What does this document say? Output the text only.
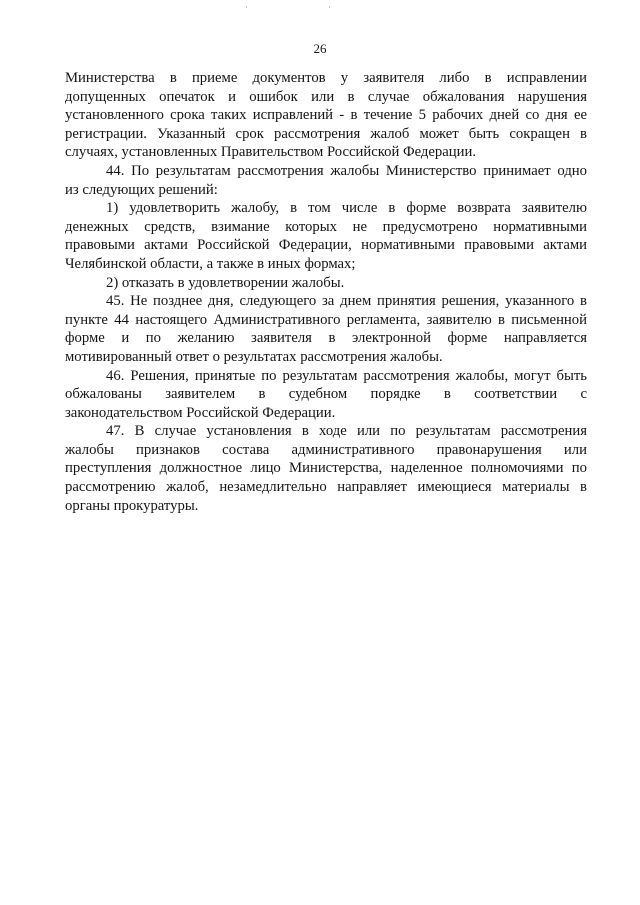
26
Министерства в приеме документов у заявителя либо в исправлении
допущенных опечаток и ошибок или в случае обжалования нарушения
установленного срока таких исправлений - в течение 5 рабочих дней со дня ее
регистрации. Указанный срок рассмотрения жалоб может быть сокращен в
случаях, установленных Правительством Российской Федерации.
44. По результатам рассмотрения жалобы Министерство принимает одно
из следующих решений:
1) удовлетворить жалобу, в том числе в форме возврата заявителю
денежных средств, взимание которых не предусмотрено нормативными
правовыми актами Российской Федерации, нормативными правовыми актами
Челябинской области, а также в иных формах;
2) отказать в удовлетворении жалобы.
45. Не позднее дня, следующего за днем принятия решения, указанного в
пункте 44 настоящего Административного регламента, заявителю в письменной
форме и по желанию заявителя в электронной форме направляется
мотивированный ответ о результатах рассмотрения жалобы.
46. Решения, принятые по результатам рассмотрения жалобы, могут быть
обжалованы заявителем в судебном порядке в соответствии с
законодательством Российской Федерации.
47. В случае установления в ходе или по результатам рассмотрения
жалобы признаков состава административного правонарушения или
преступления должностное лицо Министерства, наделенное полномочиями по
рассмотрению жалоб, незамедлительно направляет имеющиеся материалы в
органы прокуратуры.
